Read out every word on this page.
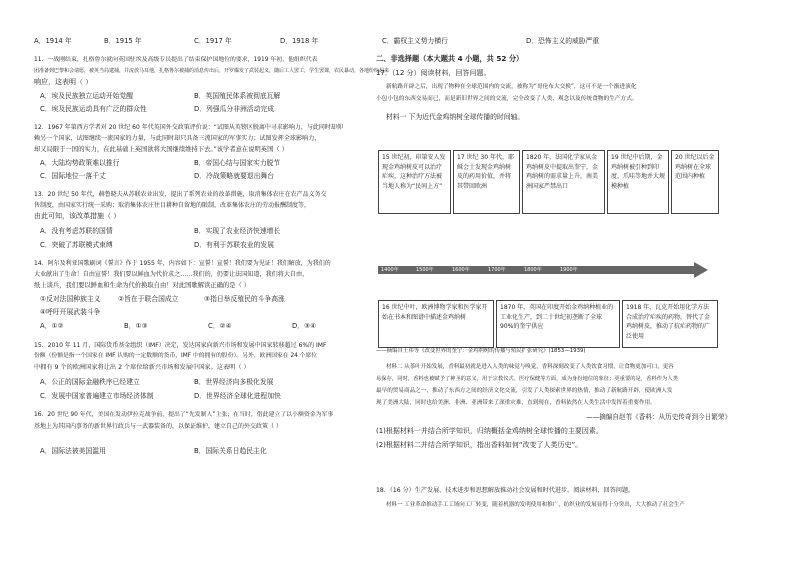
A．1914 年	B．1915 年	C．1917 年	D．1918 年
11．一战刚结束，扎格鲁尔就向英国驻埃及高级专员提出了结束保护国地位的要求，1919 年初，他组织代表
团准备到巴黎和会请愿，被英当局逮捕，并流放马耳他，扎格鲁尔被捕的消息传出后，开罗爆发了武装起义，随后工人罢工，学生罢课，农民暴动，各地纷纷起来
响应，这表明（ ）
A．埃及民族独立运动开始觉醒	B．英国殖民体系被彻底瓦解
C．埃及民族运动具有广泛的群众性	D．列强瓜分非洲活动完成
12．1967 年第西方学者对 20 世纪 60 年代英国外交政策评价说：“试图从英镑区脱离中寻求影响力，与此同时却仰
赖另一个国家，试图继续一流国家的力量，与此同时却只具备三流国家的军事实力；试图发挥全球影响力，
却又局限于一国的实力，在此基础上英国欲将大国继续维持下去。”该学者意在说明英国（ ）
A．大陆均势政策难以推行	B．帝国心结与国家实力脱节
C．国际地位一落千丈	D．冷战策略就要退出舞台
13．20 世纪 50 年代，赫鲁晓夫从苏联农业出发，提出了系列农业的改革措施，取消集体农庄在农产品义务交
售制度，由国家实行统一采购；取消集体农庄往目耕种自留地的限制，改革集体农庄的劳动报酬制度等，
由此可知，该改革措施（ ）
A．没有考虑苏联的国情	B．实现了农业经济快速增长
C．突破了苏联模式束缚	D．有利于苏联农业的发展
14．阿尔及利亚国歌刷词《誓言》作于 1955 年，内容如下：宣誓！宣誓！我们要为见证！我们解放，为我们的
大业献出了生命！自由宣誓！我们要以鲜血为代价求之……我们的，仍要让法国知道，我们将大自由，
纸上谈兵，我们要以鲜血和生命为代价换取自由！对此国歌解读正确的是（ ）
①反对法国种族主义	②旨在于联合国成立	③指日举反殖民的斗争高涨
④呼吁开展武装斗争
A．①②	B．①③	C．②④	D．③④
15．2010 年 11 月，国际货币基金组织（IMF）决定，发达国家向新兴市场和发展中国家转移超过 6%的 IMF
份额（份额是指一个国家在 IMF 认购的一定数额的货币，IMF 中的拥有的股份）。另外，欧洲国家在 24 个席位
中拥有 9 个的欧洲国家将让出 2 个席位给新兴市场和发展中国家。这表明（ ）
A．公正的国际金融秩序已经建立	B．世界经济向多极化发展
C．发展中国家普遍建立市场经济体制	D．世界经济全球化进程加快
16．20 世纪 90 年代，美国在发动伊拉克战争前，提出了“先发制人”主张；在当时，借此建立了以小额资金为军事
基地上为其国内事务的新世界行政兵与一武器装备的，以保证维护，建立自己的外交政策（ ）
A．国际法被美国滥用	B．国际关系日趋民主化
C．霸权主义势力横行	D．恐怖主义的威胁严重
二、非选择题（本大题共 4 小题，共 52 分）
17．（12 分）阅读材料，回答问题。
新航路开辟之后，出现了物种在全球范围内的交流，被称为“哥伦布大交换”，这可不是一个渐进演化
小包小包的东西交易而已，而是新旧世界之间的交流，完全改变了人类、观念以及传统食物的生产方式。
材料一 下为近代金鸡纳树全球传播的时间轴。
15 世纪初，印第安人发现金鸡纳树皮可以治疗疟疾，这种治疗方法被当地人称为“民间上方”
17 世纪 30 年代，耶稣会士发现金鸡纳树皮的药用价值，并将其带回欧洲
1820 年，法国化学家从金鸡纳树皮中提取出奎宁，金鸡纳树的需求量上升，南美洲国家严禁出口
19 世纪中后期，金鸡纳树被引种到印度、爪哇等地并大规模种植
20 世纪以后金鸡纳树在全球范围内种植
1400年	1500年	1600年	1700年	1800年	1900年
16 世纪中叶，欧洲博物学家和医学家开始在书本和图谱中描述金鸡纳树
1870 年，英国在印度开始金鸡纳种植业的工业化生产，到二十世纪初垄断了全球 90%的奎宁供应
1918 年，瓦克开始用化学方法合成治疗疟疾的药物，替代了金鸡纳树皮，推动了抗疟药物的广泛使用
——摘编自王祎等《改变世界的奎宁：金鸡纳树的传播与殖民扩张研究》(1853—1939)
材料二 从茶叶开始发展，香料最初就是进入人类的味觉与嗅觉，香料深刻改变了人类饮食习惯，让食物更加可口，更容
易保存，同时，香料也被赋予了神圣的意义，用于宗教仪式、医疗保健等方面，成为身份地位的象征；更重要的是，香料作为人类
最早的贸易商品之一，推动了东西方之间的经济文化交流，引发了人类探索世界的热情，推动了新航路开辟，使欧洲人发
现了美洲大陆，同时也给美洲、非洲、亚洲带来了深重灾难，直到现在，香料依然在人类生活中发挥着重要作用。
——摘编自赵苇《香料：从历史传奇到今日繁荣》
(1)根据材料一并结合所学知识，归纳概括金鸡纳树全球传播的主要因素。
(2)根据材料二并结合所学知识，指出香料如何“改变了人类历史”。
18．（16 分）生产发展、技术进步和思想解放推动社会发展和时代进步。阅读材料，回答问题。
材料一 工业革命推动手工工场向工厂转变，随着机器的发明使用和推广，纺织业的发展显得十分突出，大大推动了社会生产
